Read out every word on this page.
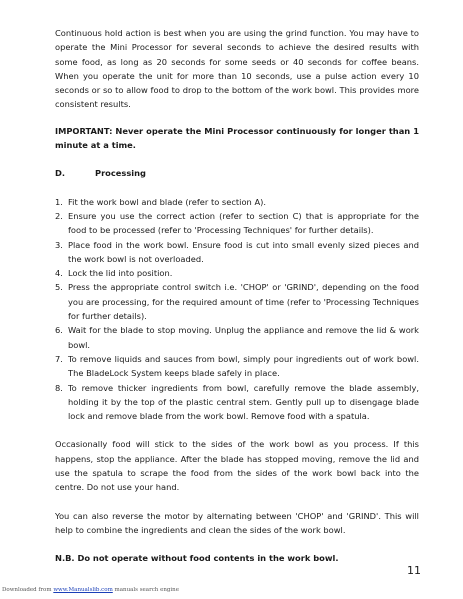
Continuous hold action is best when you are using the grind function. You may have to operate the Mini Processor for several seconds to achieve the desired results with some food, as long as 20 seconds for some seeds or 40 seconds for coffee beans. When you operate the unit for more than 10 seconds, use a pulse action every 10 seconds or so to allow food to drop to the bottom of the work bowl. This provides more consistent results.

IMPORTANT: Never operate the Mini Processor continuously for longer than 1 minute at a time.

D.	Processing

1. Fit the work bowl and blade (refer to section A).
2. Ensure you use the correct action (refer to section C) that is appropriate for the food to be processed (refer to 'Processing Techniques' for further details).
3. Place food in the work bowl. Ensure food is cut into small evenly sized pieces and the work bowl is not overloaded.
4. Lock the lid into position.
5. Press the appropriate control switch i.e. 'CHOP' or 'GRIND', depending on the food you are processing, for the required amount of time (refer to 'Processing Techniques for further details).
6. Wait for the blade to stop moving. Unplug the appliance and remove the lid & work bowl.
7. To remove liquids and sauces from bowl, simply pour ingredients out of work bowl. The BladeLock System keeps blade safely in place.
8. To remove thicker ingredients from bowl, carefully remove the blade assembly, holding it by the top of the plastic central stem. Gently pull up to disengage blade lock and remove blade from the work bowl. Remove food with a spatula.

Occasionally food will stick to the sides of the work bowl as you process. If this happens, stop the appliance. After the blade has stopped moving, remove the lid and use the spatula to scrape the food from the sides of the work bowl back into the centre. Do not use your hand.

You can also reverse the motor by alternating between 'CHOP' and 'GRIND'. This will help to combine the ingredients and clean the sides of the work bowl.

N.B. Do not operate without food contents in the work bowl.

11
Downloaded from www.Manualslib.com manuals search engine
